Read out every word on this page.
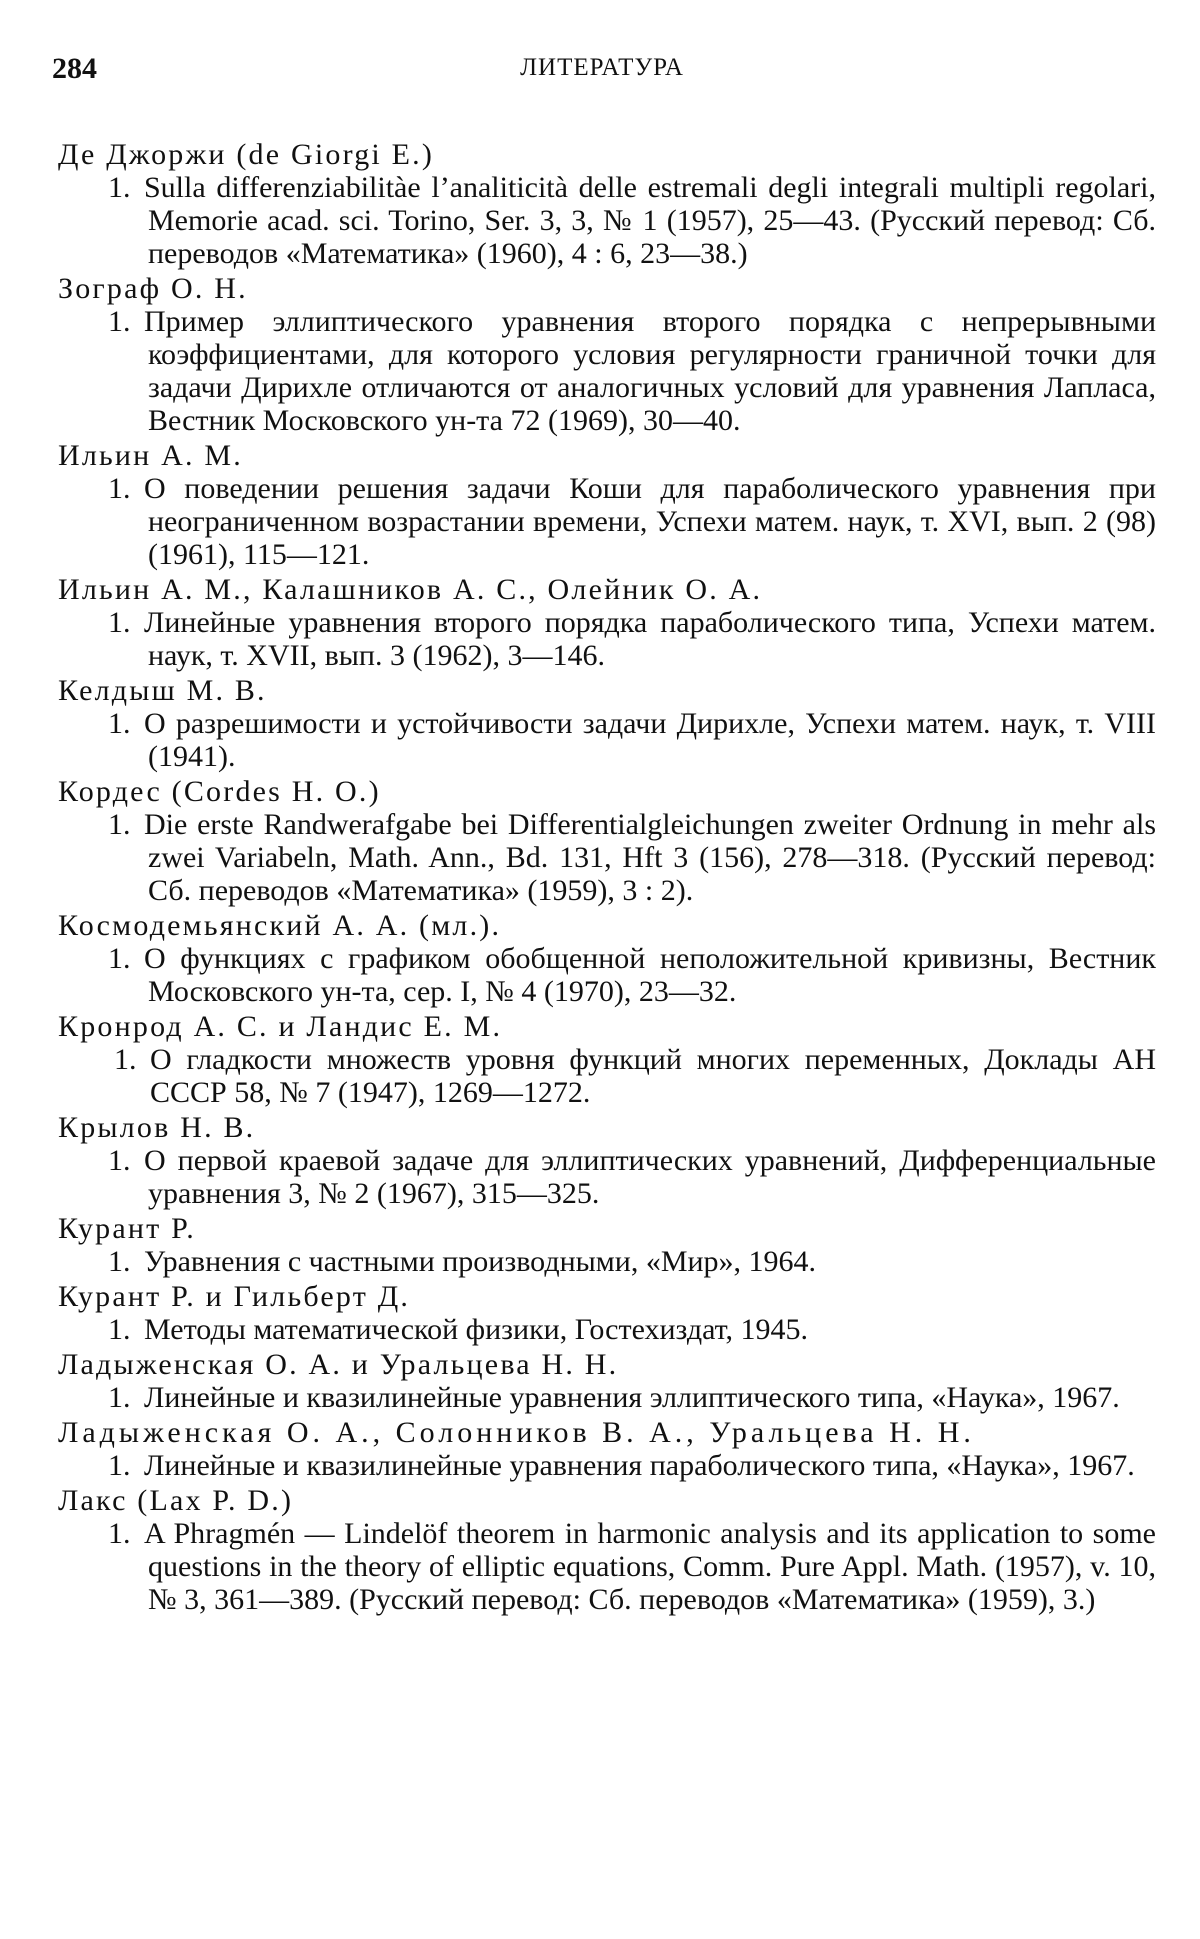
284	ЛИТЕРАТУРА
Де Джоржи (de Giorgi E.)
1. Sulla differenziabilitàe l’analiticità delle estremali degli integrali multipli regolari, Memorie acad. sci. Torino, Ser. 3, 3, № 1 (1957), 25—43. (Русский перевод: Сб. переводов «Математика» (1960), 4 : 6, 23—38.)
Зограф О. Н.
1. Пример эллиптического уравнения второго порядка с непрерывными коэффициентами, для которого условия регулярности граничной точки для задачи Дирихле отличаются от аналогичных условий для уравнения Лапласа, Вестник Московского ун-та 72 (1969), 30—40.
Ильин А. М.
1. О поведении решения задачи Коши для параболического уравнения при неограниченном возрастании времени, Успехи матем. наук, т. XVI, вып. 2 (98) (1961), 115—121.
Ильин А. М., Калашников А. С., Олейник О. А.
1. Линейные уравнения второго порядка параболического типа, Успехи матем. наук, т. XVII, вып. 3 (1962), 3—146.
Келдыш М. В.
1. О разрешимости и устойчивости задачи Дирихле, Успехи матем. наук, т. VIII (1941).
Кордес (Cordes H. O.)
1. Die erste Randwerafgabe bei Differentialgleichungen zweiter Ordnung in mehr als zwei Variabeln, Math. Ann., Bd. 131, Hft 3 (156), 278—318. (Русский перевод: Сб. переводов «Математика» (1959), 3 : 2).
Космодемьянский А. А. (мл.).
1. О функциях с графиком обобщенной неположительной кривизны, Вестник Московского ун-та, сер. I, № 4 (1970), 23—32.
Кронрод А. С. и Ландис Е. М.
1. О гладкости множеств уровня функций многих переменных, Доклады АН СССР 58, № 7 (1947), 1269—1272.
Крылов Н. В.
1. О первой краевой задаче для эллиптических уравнений, Дифференциальные уравнения 3, № 2 (1967), 315—325.
Курант Р.
1. Уравнения с частными производными, «Мир», 1964.
Курант Р. и Гильберт Д.
1. Методы математической физики, Гостехиздат, 1945.
Ладыженская О. А. и Уральцева Н. Н.
1. Линейные и квазилинейные уравнения эллиптического типа, «Наука», 1967.
Ладыженская О. А., Солонников В. А., Уральцева Н. Н.
1. Линейные и квазилинейные уравнения параболического типа, «Наука», 1967.
Лакс (Lax P. D.)
1. A Phragmén — Lindelöf theorem in harmonic analysis and its application to some questions in the theory of elliptic equations, Comm. Pure Appl. Math. (1957), v. 10, № 3, 361—389. (Русский перевод: Сб. переводов «Математика» (1959), 3.)
